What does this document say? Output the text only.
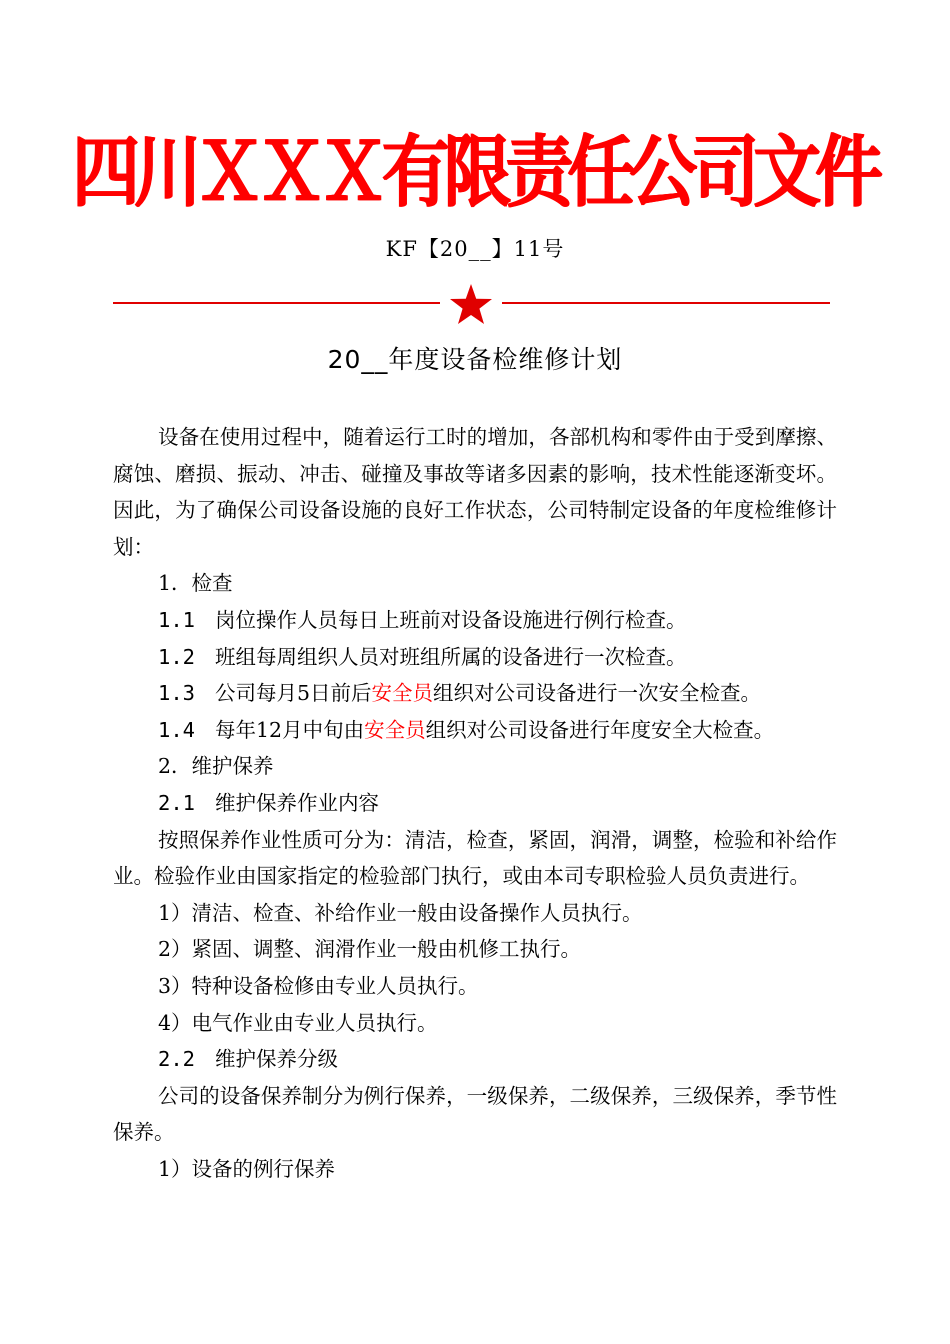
四川ＸＸＸ有限责任公司文件
KF【20__】11号
20__年度设备检维修计划

设备在使用过程中，随着运行工时的增加，各部机构和零件由于受到摩擦、腐蚀、磨损、振动、冲击、碰撞及事故等诸多因素的影响，技术性能逐渐变坏。因此，为了确保公司设备设施的良好工作状态，公司特制定设备的年度检维修计划：

1．检查

1.1 岗位操作人员每日上班前对设备设施进行例行检查。

1.2 班组每周组织人员对班组所属的设备进行一次检查。

1.3 公司每月5日前后安全员组织对公司设备进行一次安全检查。

1.4 每年12月中旬由安全员组织对公司设备进行年度安全大检查。

2．维护保养

2.1 维护保养作业内容

按照保养作业性质可分为：清洁，检查，紧固，润滑，调整，检验和补给作业。检验作业由国家指定的检验部门执行，或由本司专职检验人员负责进行。

1）清洁、检查、补给作业一般由设备操作人员执行。

2）紧固、调整、润滑作业一般由机修工执行。

3）特种设备检修由专业人员执行。

4）电气作业由专业人员执行。

2.2 维护保养分级

公司的设备保养制分为例行保养，一级保养，二级保养，三级保养，季节性保养。

1）设备的例行保养
